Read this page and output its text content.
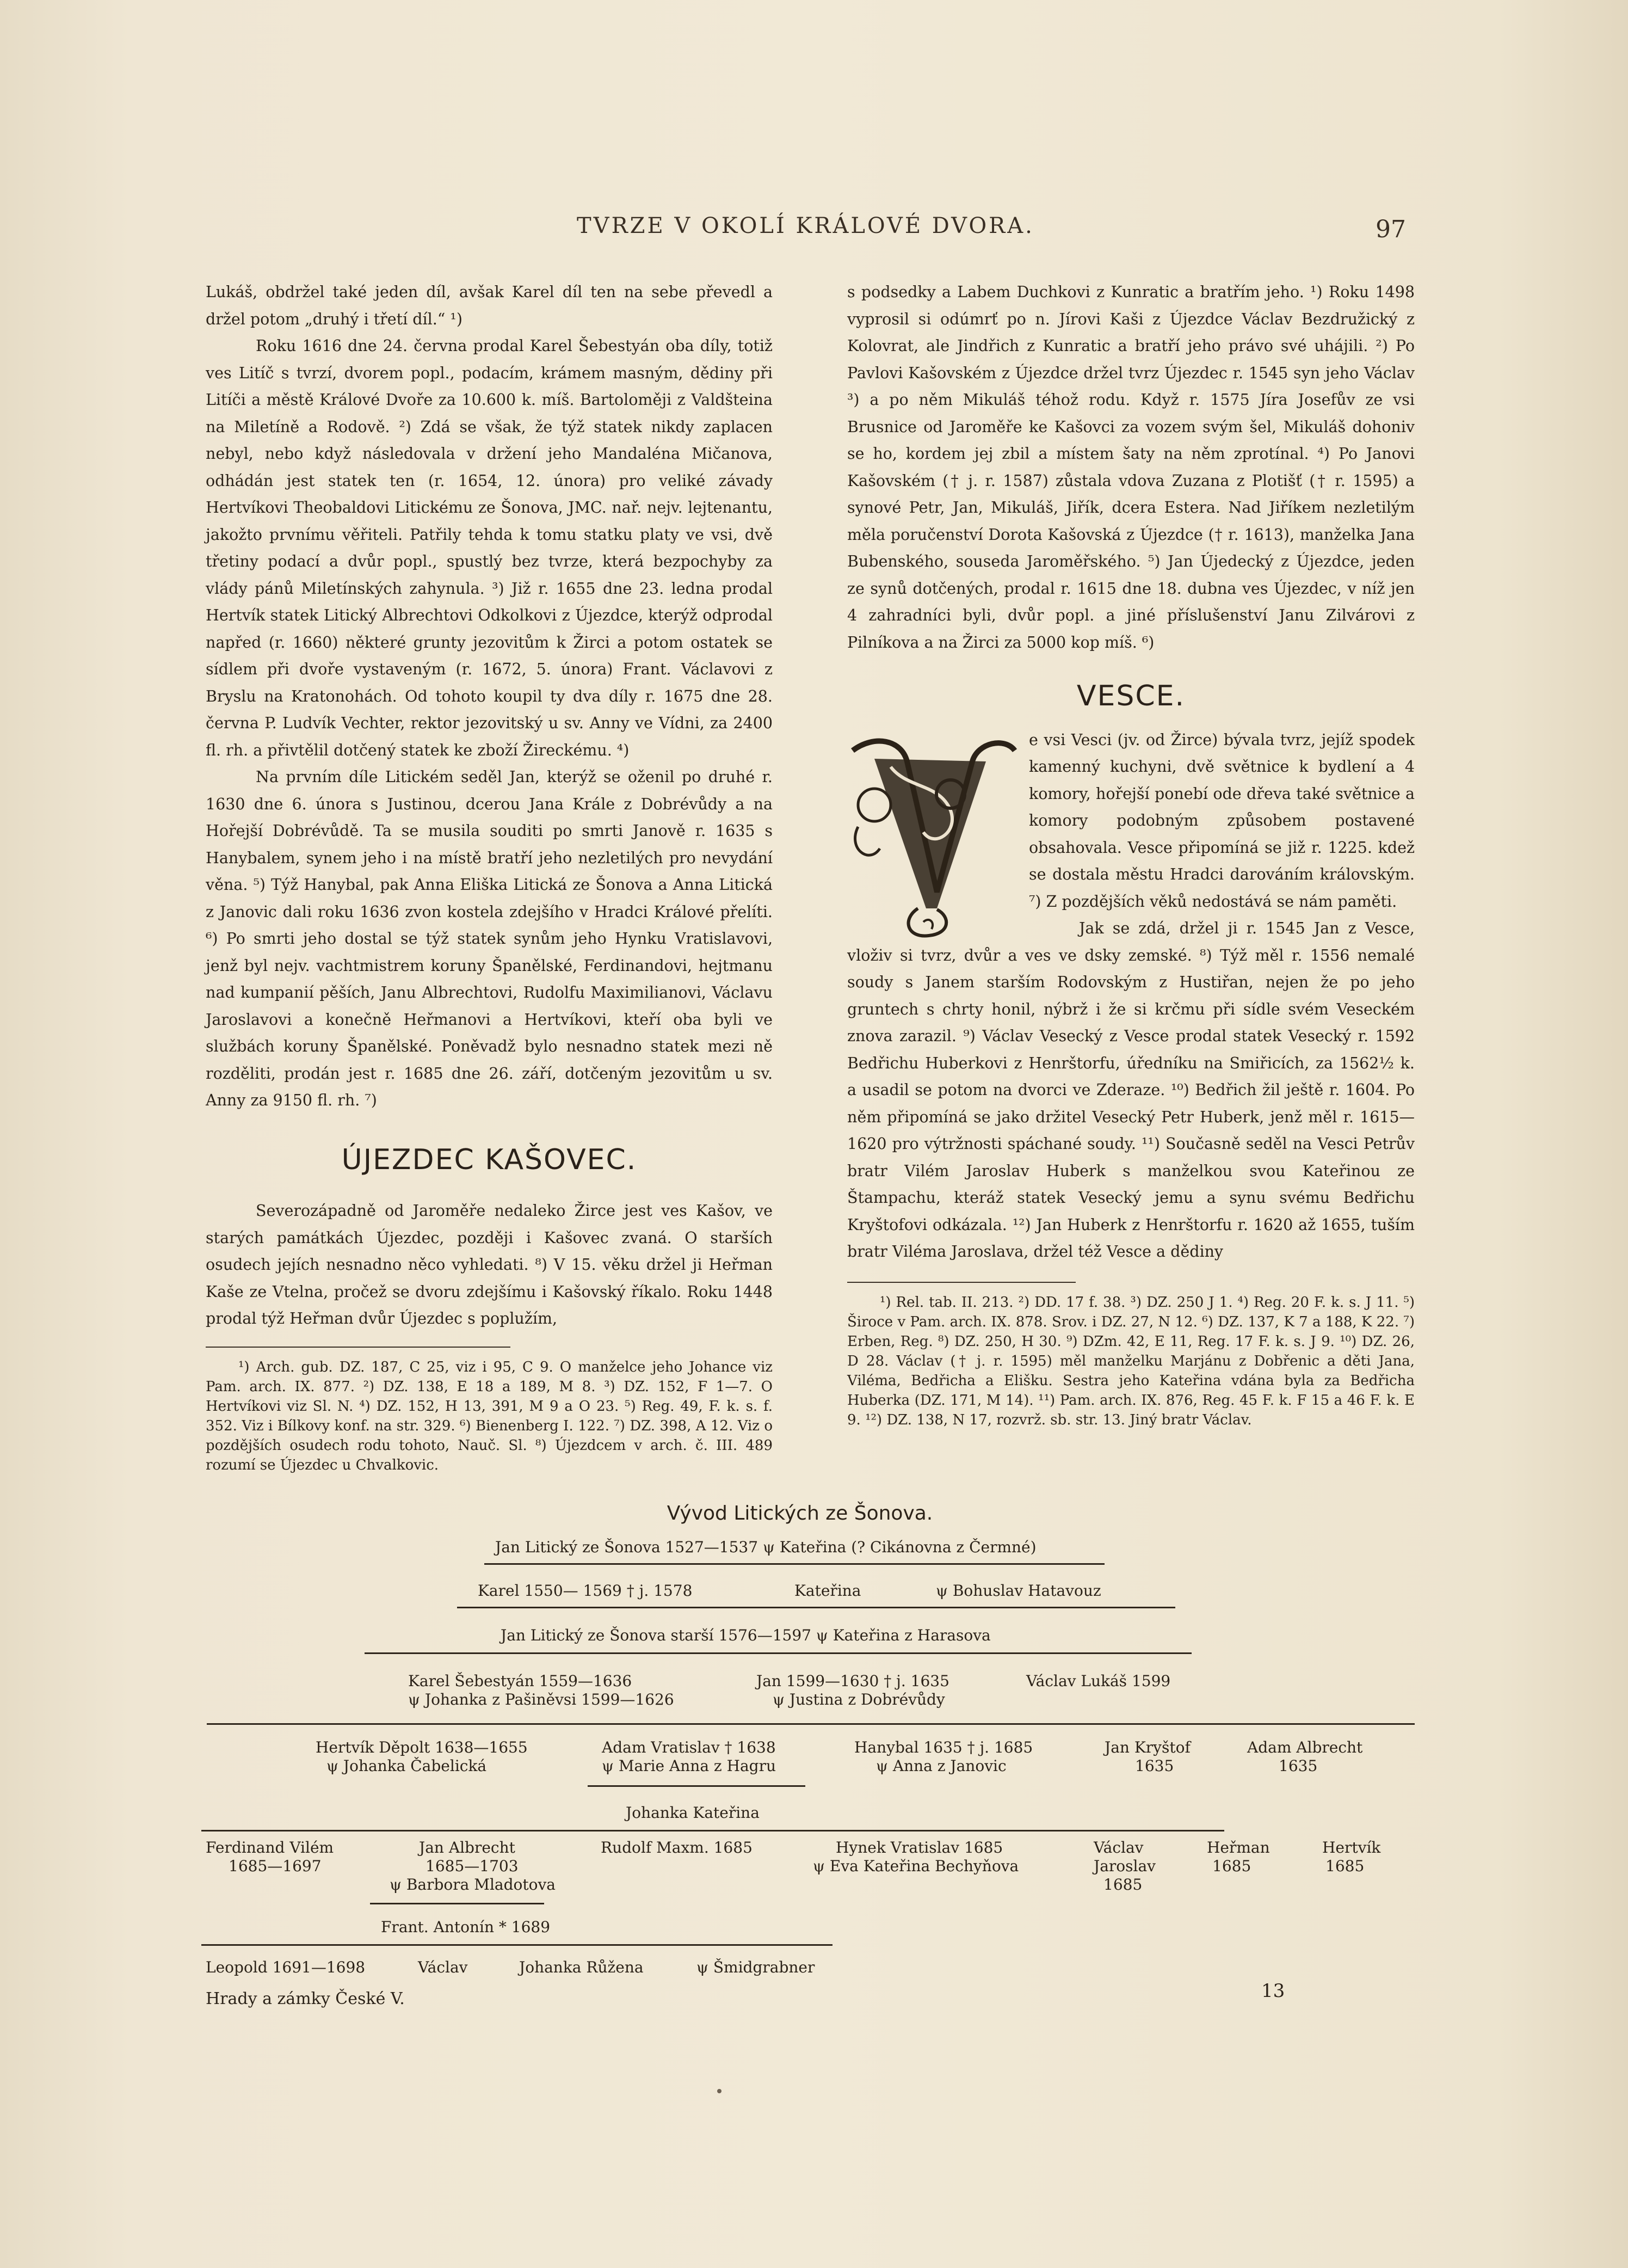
TVRZE V OKOLÍ KRÁLOVÉ DVORA.	97

Lukáš, obdržel také jeden díl, avšak Karel díl ten na sebe převedl a držel potom „druhý i třetí díl.“ ¹)

Roku 1616 dne 24. června prodal Karel Šebestyán oba díly, totiž ves Litíč s tvrzí, dvorem popl., podacím, krámem masným, dědiny při Litíči a městě Králové Dvoře za 10.600 k. míš. Bartoloměji z Valdšteina na Miletíně a Rodově. ²) Zdá se však, že týž statek nikdy zaplacen nebyl, nebo když následovala v držení jeho Mandaléna Mičanova, odhádán jest statek ten (r. 1654, 12. února) pro veliké závady Hertvíkovi Theobaldovi Litickému ze Šonova, JMC. nař. nejv. lejtenantu, jakožto prvnímu věřiteli. Patřily tehda k tomu statku platy ve vsi, dvě třetiny podací a dvůr popl., spustlý bez tvrze, která bezpochyby za vlády pánů Miletínských zahynula. ³) Již r. 1655 dne 23. ledna prodal Hertvík statek Litický Albrechtovi Odkolkovi z Újezdce, kterýž odprodal napřed (r. 1660) některé grunty jezovitům k Žirci a potom ostatek se sídlem při dvoře vystaveným (r. 1672, 5. února) Frant. Václavovi z Bryslu na Kratonohách. Od tohoto koupil ty dva díly r. 1675 dne 28. června P. Ludvík Vechter, rektor jezovitský u sv. Anny ve Vídni, za 2400 fl. rh. a přivtělil dotčený statek ke zboží Žireckému. ⁴)

Na prvním díle Litickém seděl Jan, kterýž se oženil po druhé r. 1630 dne 6. února s Justinou, dcerou Jana Krále z Dobrévůdy a na Hořejší Dobrévůdě. Ta se musila souditi po smrti Janově r. 1635 s Hanybalem, synem jeho i na místě bratří jeho nezletilých pro nevydání věna. ⁵) Týž Hanybal, pak Anna Eliška Litická ze Šonova a Anna Litická z Janovic dali roku 1636 zvon kostela zdejšího v Hradci Králové přelíti. ⁶) Po smrti jeho dostal se týž statek synům jeho Hynku Vratislavovi, jenž byl nejv. vachtmistrem koruny Španělské, Ferdinandovi, hejtmanu nad kumpanií pěších, Janu Albrechtovi, Rudolfu Maximilianovi, Václavu Jaroslavovi a konečně Heřmanovi a Hertvíkovi, kteří oba byli ve službách koruny Španělské. Poněvadž bylo nesnadno statek mezi ně rozděliti, prodán jest r. 1685 dne 26. září, dotčeným jezovitům u sv. Anny za 9150 fl. rh. ⁷)

ÚJEZDEC KAŠOVEC.

Severozápadně od Jaroměře nedaleko Žirce jest ves Kašov, ve starých památkách Újezdec, později i Kašovec zvaná. O starších osudech jejích nesnadno něco vyhledati. ⁸) V 15. věku držel ji Heřman Kaše ze Vtelna, pročež se dvoru zdejšímu i Kašovský říkalo. Roku 1448 prodal týž Heřman dvůr Újezdec s poplužím,

¹) Arch. gub. DZ. 187, C 25, viz i 95, C 9. O manželce jeho Johance viz Pam. arch. IX. 877. ²) DZ. 138, E 18 a 189, M 8. ³) DZ. 152, F 1—7. O Hertvíkovi viz Sl. N. ⁴) DZ. 152, H 13, 391, M 9 a O 23. ⁵) Reg. 49, F. k. s. f. 352. Viz i Bílkovy konf. na str. 329. ⁶) Bienenberg I. 122. ⁷) DZ. 398, A 12. Viz o pozdějších osudech rodu tohoto, Nauč. Sl. ⁸) Újezdcem v arch. č. III. 489 rozumí se Újezdec u Chvalkovic.

s podsedky a Labem Duchkovi z Kunratic a bratřím jeho. ¹) Roku 1498 vyprosil si odúmrť po n. Jírovi Kaši z Újezdce Václav Bezdružický z Kolovrat, ale Jindřich z Kunratic a bratří jeho právo své uhájili. ²) Po Pavlovi Kašovském z Újezdce držel tvrz Újezdec r. 1545 syn jeho Václav ³) a po něm Mikuláš téhož rodu. Když r. 1575 Jíra Josefův ze vsi Brusnice od Jaroměře ke Kašovci za vozem svým šel, Mikuláš dohoniv se ho, kordem jej zbil a místem šaty na něm zprotínal. ⁴) Po Janovi Kašovském († j. r. 1587) zůstala vdova Zuzana z Plotišť († r. 1595) a synové Petr, Jan, Mikuláš, Jiřík, dcera Estera. Nad Jiříkem nezletilým měla poručenství Dorota Kašovská z Újezdce († r. 1613), manželka Jana Bubenského, souseda Jaroměřského. ⁵) Jan Újedecký z Újezdce, jeden ze synů dotčených, prodal r. 1615 dne 18. dubna ves Újezdec, v níž jen 4 zahradníci byli, dvůr popl. a jiné příslušenství Janu Zilvárovi z Pilníkova a na Žirci za 5000 kop míš. ⁶)

VESCE.
V

e vsi Vesci (jv. od Žirce) bývala tvrz, jejíž spodek kamenný kuchyni, dvě světnice k bydlení a 4 komory, hořejší ponebí ode dřeva také světnice a komory podobným způsobem postavené obsahovala. Vesce připomíná se již r. 1225. kdež se dostala městu Hradci darováním královským. ⁷) Z pozdějších věků nedostává se nám paměti.

Jak se zdá, držel ji r. 1545 Jan z Vesce, vloživ si tvrz, dvůr a ves ve dsky zemské. ⁸) Týž měl r. 1556 nemalé soudy s Janem starším Rodovským z Hustiřan, nejen že po jeho gruntech s chrty honil, nýbrž i že si krčmu při sídle svém Veseckém znova zarazil. ⁹) Václav Vesecký z Vesce prodal statek Vesecký r. 1592 Bedřichu Huberkovi z Henrštorfu, úředníku na Smiřicích, za 1562½ k. a usadil se potom na dvorci ve Zderaze. ¹⁰) Bedřich žil ještě r. 1604. Po něm připomíná se jako držitel Vesecký Petr Huberk, jenž měl r. 1615—1620 pro výtržnosti spáchané soudy. ¹¹) Současně seděl na Vesci Petrův bratr Vilém Jaroslav Huberk s manželkou svou Kateřinou ze Štampachu, kteráž statek Vesecký jemu a synu svému Bedřichu Kryštofovi odkázala. ¹²) Jan Huberk z Henrštorfu r. 1620 až 1655, tuším bratr Viléma Jaroslava, držel též Vesce a dědiny

¹) Rel. tab. II. 213. ²) DD. 17 f. 38. ³) DZ. 250 J 1. ⁴) Reg. 20 F. k. s. J 11. ⁵) Široce v Pam. arch. IX. 878. Srov. i DZ. 27, N 12. ⁶) DZ. 137, K 7 a 188, K 22. ⁷) Erben, Reg. ⁸) DZ. 250, H 30. ⁹) DZm. 42, E 11, Reg. 17 F. k. s. J 9. ¹⁰) DZ. 26, D 28. Václav († j. r. 1595) měl manželku Marjánu z Dobřenic a děti Jana, Viléma, Bedřicha a Elišku. Sestra jeho Kateřina vdána byla za Bedřicha Huberka (DZ. 171, M 14). ¹¹) Pam. arch. IX. 876, Reg. 45 F. k. F 15 a 46 F. k. E 9. ¹²) DZ. 138, N 17, rozvrž. sb. str. 13. Jiný bratr Václav.

Vývod Litických ze Šonova.
Jan Litický ze Šonova 1527—1537 ψ Kateřina (? Cikánovna z Čermné)
Karel 1550— 1569 † j. 1578	Kateřina	ψ Bohuslav Hatavouz
Jan Litický ze Šonova starší 1576—1597 ψ Kateřina z Harasova
Karel Šebestyán 1559—1636
ψ Johanka z Pašiněvsi 1599—1626
Jan 1599—1630 † j. 1635
ψ Justina z Dobrévůdy
Václav Lukáš 1599
Hertvík Děpolt 1638—1655
ψ Johanka Čabelická
Adam Vratislav † 1638
ψ Marie Anna z Hagru
Hanybal 1635 † j. 1685
ψ Anna z Janovic
Jan Kryštof
1635
Adam Albrecht
1635
Johanka Kateřina
Ferdinand Vilém
1685—1697
Jan Albrecht
1685—1703
ψ Barbora Mladotova
Rudolf Maxm. 1685	Hynek Vratislav 1685
ψ Eva Kateřina Bechyňova
Václav
Jaroslav
1685
Heřman
1685
Hertvík
1685
Frant. Antonín * 1689
Leopold 1691—1698	Václav	Johanka Růžena	ψ Šmidgrabner
Hrady a zámky České V.	13
